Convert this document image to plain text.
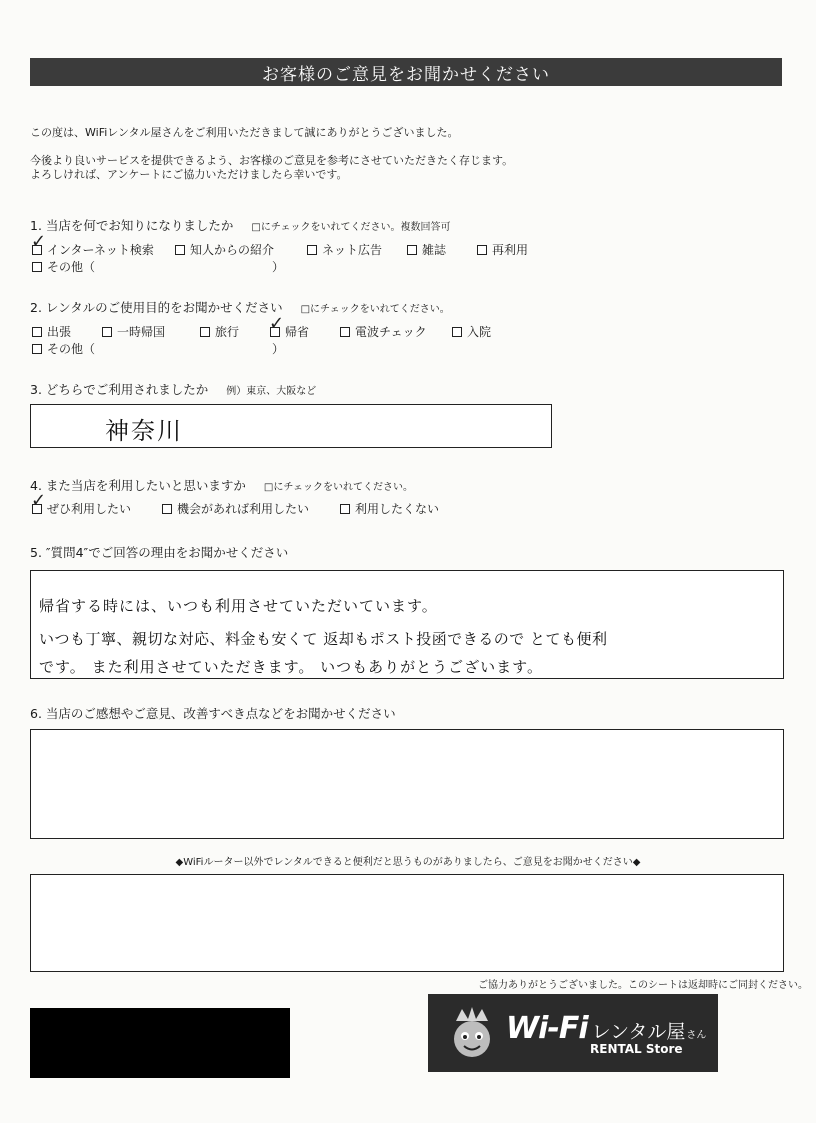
お客様のご意見をお聞かせください
この度は、WiFiレンタル屋さんをご利用いただきまして誠にありがとうございました。
今後より良いサービスを提供できるよう、お客様のご意見を参考にさせていただきたく存じます。
よろしければ、アンケートにご協力いただけましたら幸いです。
1. 当店を何でお知りになりましたか □にチェックをいれてください。複数回答可
✓ インターネット検索	知人からの紹介	ネット広告	雑誌	再利用
その他（	）
2. レンタルのご使用目的をお聞かせください □にチェックをいれてください。
出張	一時帰国	旅行 ✓ 帰省	電波チェック	入院
その他（	）
3. どちらでご利用されましたか 例）東京、大阪など
神奈川
4. また当店を利用したいと思いますか □にチェックをいれてください。
✓ ぜひ利用したい	機会があれば利用したい	利用したくない
5. ″質問4″でご回答の理由をお聞かせください
帰省する時には、いつも利用させていただいています。
いつも丁寧、親切な対応、料金も安くて 返却もポスト投函できるので とても便利
です。 また利用させていただきます。 いつもありがとうございます。
6. 当店のご感想やご意見、改善すべき点などをお聞かせください
◆WiFiルーター以外でレンタルできると便利だと思うものがありましたら、ご意見をお聞かせください◆
ご協力ありがとうございました。このシートは返却時にご同封ください。
Wi-Fi レンタル屋 さん
RENTAL Store
